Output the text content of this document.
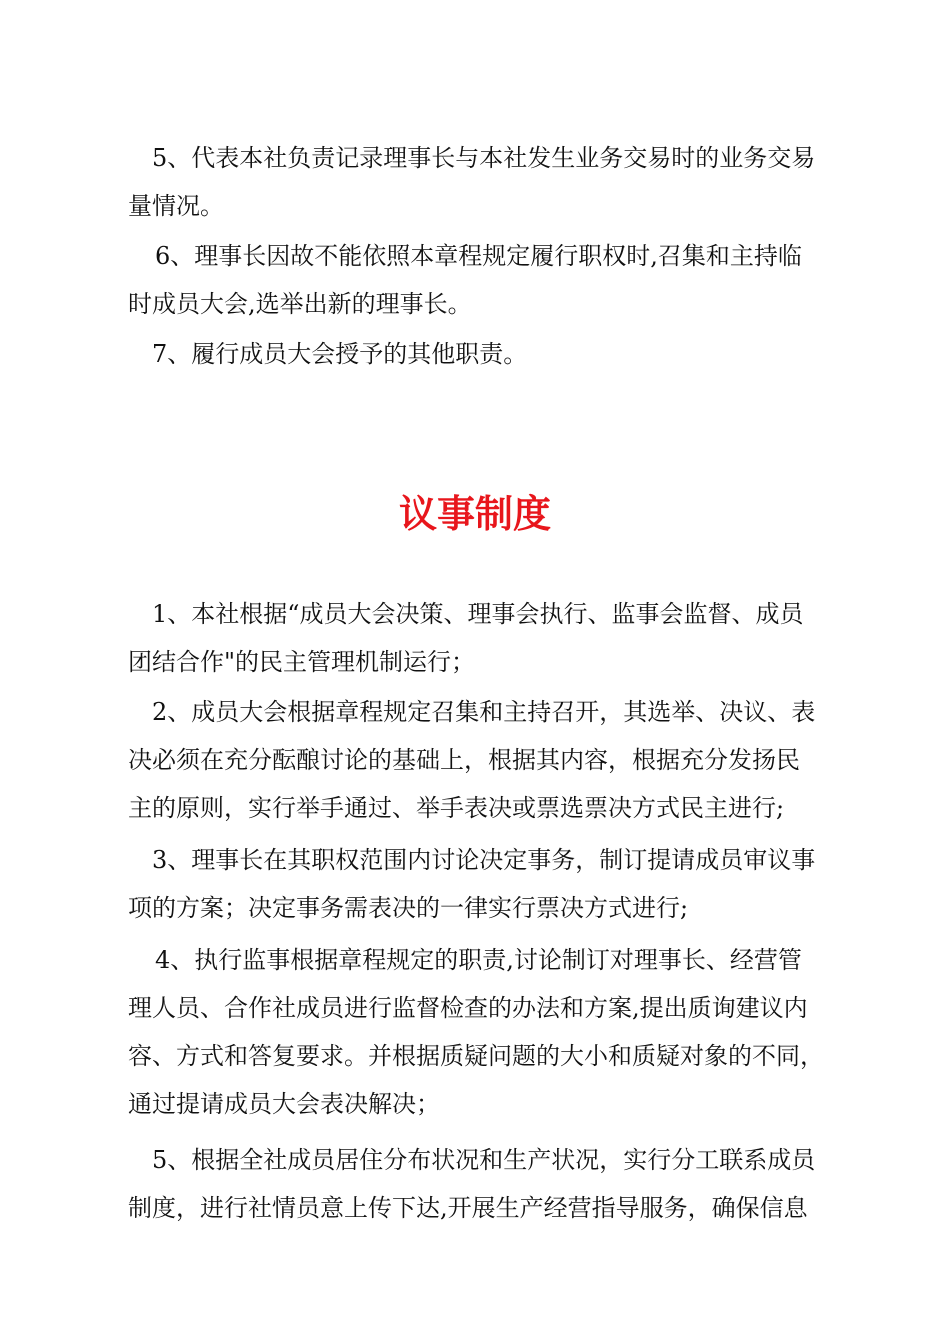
5、代表本社负责记录理事长与本社发生业务交易时的业务交易
量情况。

6、理事长因故不能依照本章程规定履行职权时,召集和主持临
时成员大会,选举出新的理事长。

7、履行成员大会授予的其他职责。

议事制度

1、本社根据“成员大会决策、理事会执行、监事会监督、成员
团结合作"的民主管理机制运行；

2、成员大会根据章程规定召集和主持召开，其选举、决议、表
决必须在充分酝酿讨论的基础上，根据其内容，根据充分发扬民
主的原则，实行举手通过、举手表决或票选票决方式民主进行;

3、理事长在其职权范围内讨论决定事务，制订提请成员审议事
项的方案；决定事务需表决的一律实行票决方式进行;

4、执行监事根据章程规定的职责,讨论制订对理事长、经营管
理人员、合作社成员进行监督检查的办法和方案,提出质询建议内
容、方式和答复要求。并根据质疑问题的大小和质疑对象的不同，
通过提请成员大会表决解决；

5、根据全社成员居住分布状况和生产状况，实行分工联系成员
制度，进行社情员意上传下达,开展生产经营指导服务，确保信息
